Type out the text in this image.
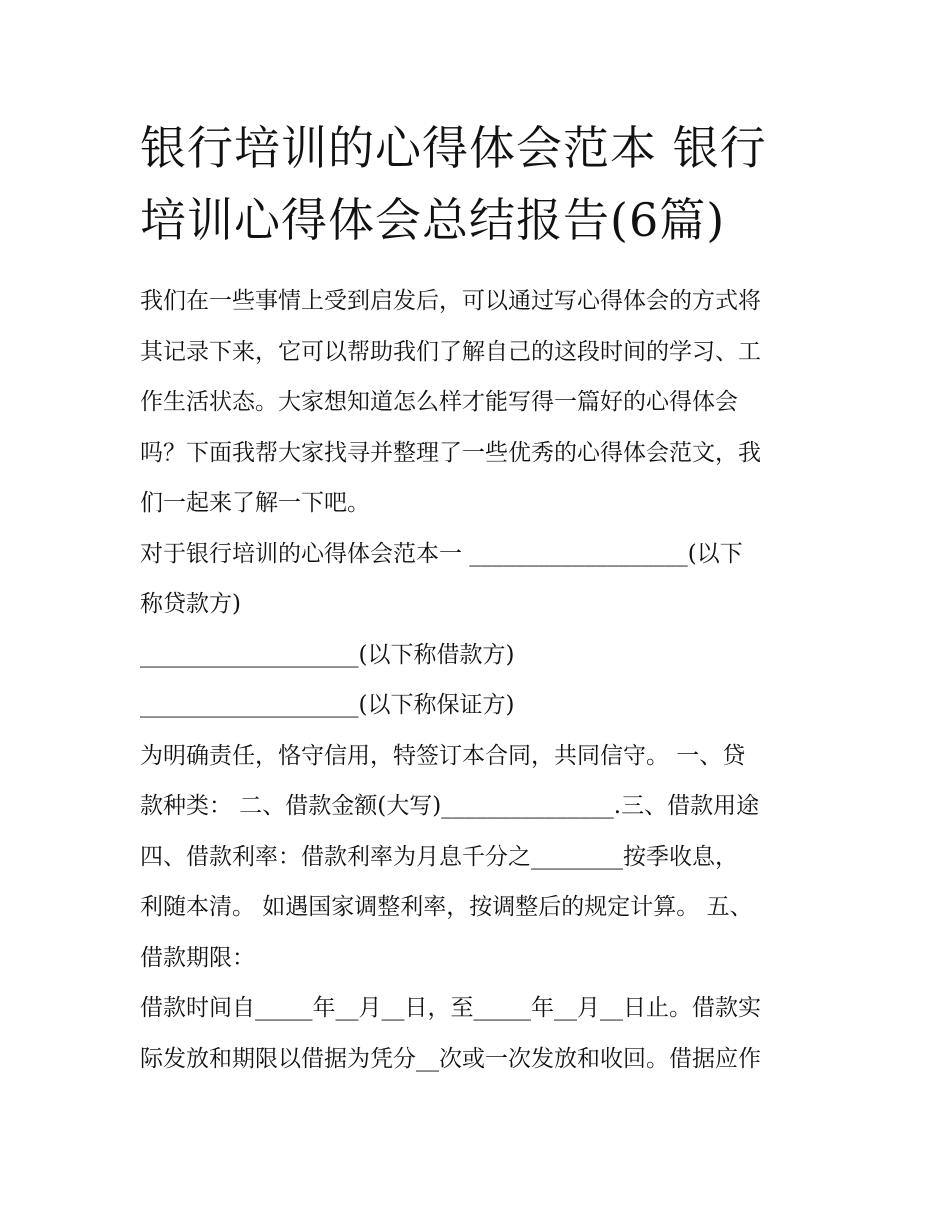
银行培训的心得体会范本 银行
培训心得体会总结报告(6篇)
我们在一些事情上受到启发后，可以通过写心得体会的方式将
其记录下来，它可以帮助我们了解自己的这段时间的学习、工
作生活状态。大家想知道怎么样才能写得一篇好的心得体会
吗？下面我帮大家找寻并整理了一些优秀的心得体会范文，我
们一起来了解一下吧。
对于银行培训的心得体会范本一 ___________________(以下
称贷款方)
___________________(以下称借款方)
___________________(以下称保证方)
为明确责任，恪守信用，特签订本合同，共同信守。 一、贷
款种类： 二、借款金额(大写)_______________.三、借款用途
四、借款利率：借款利率为月息千分之________按季收息，
利随本清。 如遇国家调整利率，按调整后的规定计算。 五、
借款期限：
借款时间自_____年__月__日，至_____年__月__日止。借款实
际发放和期限以借据为凭分__次或一次发放和收回。借据应作
